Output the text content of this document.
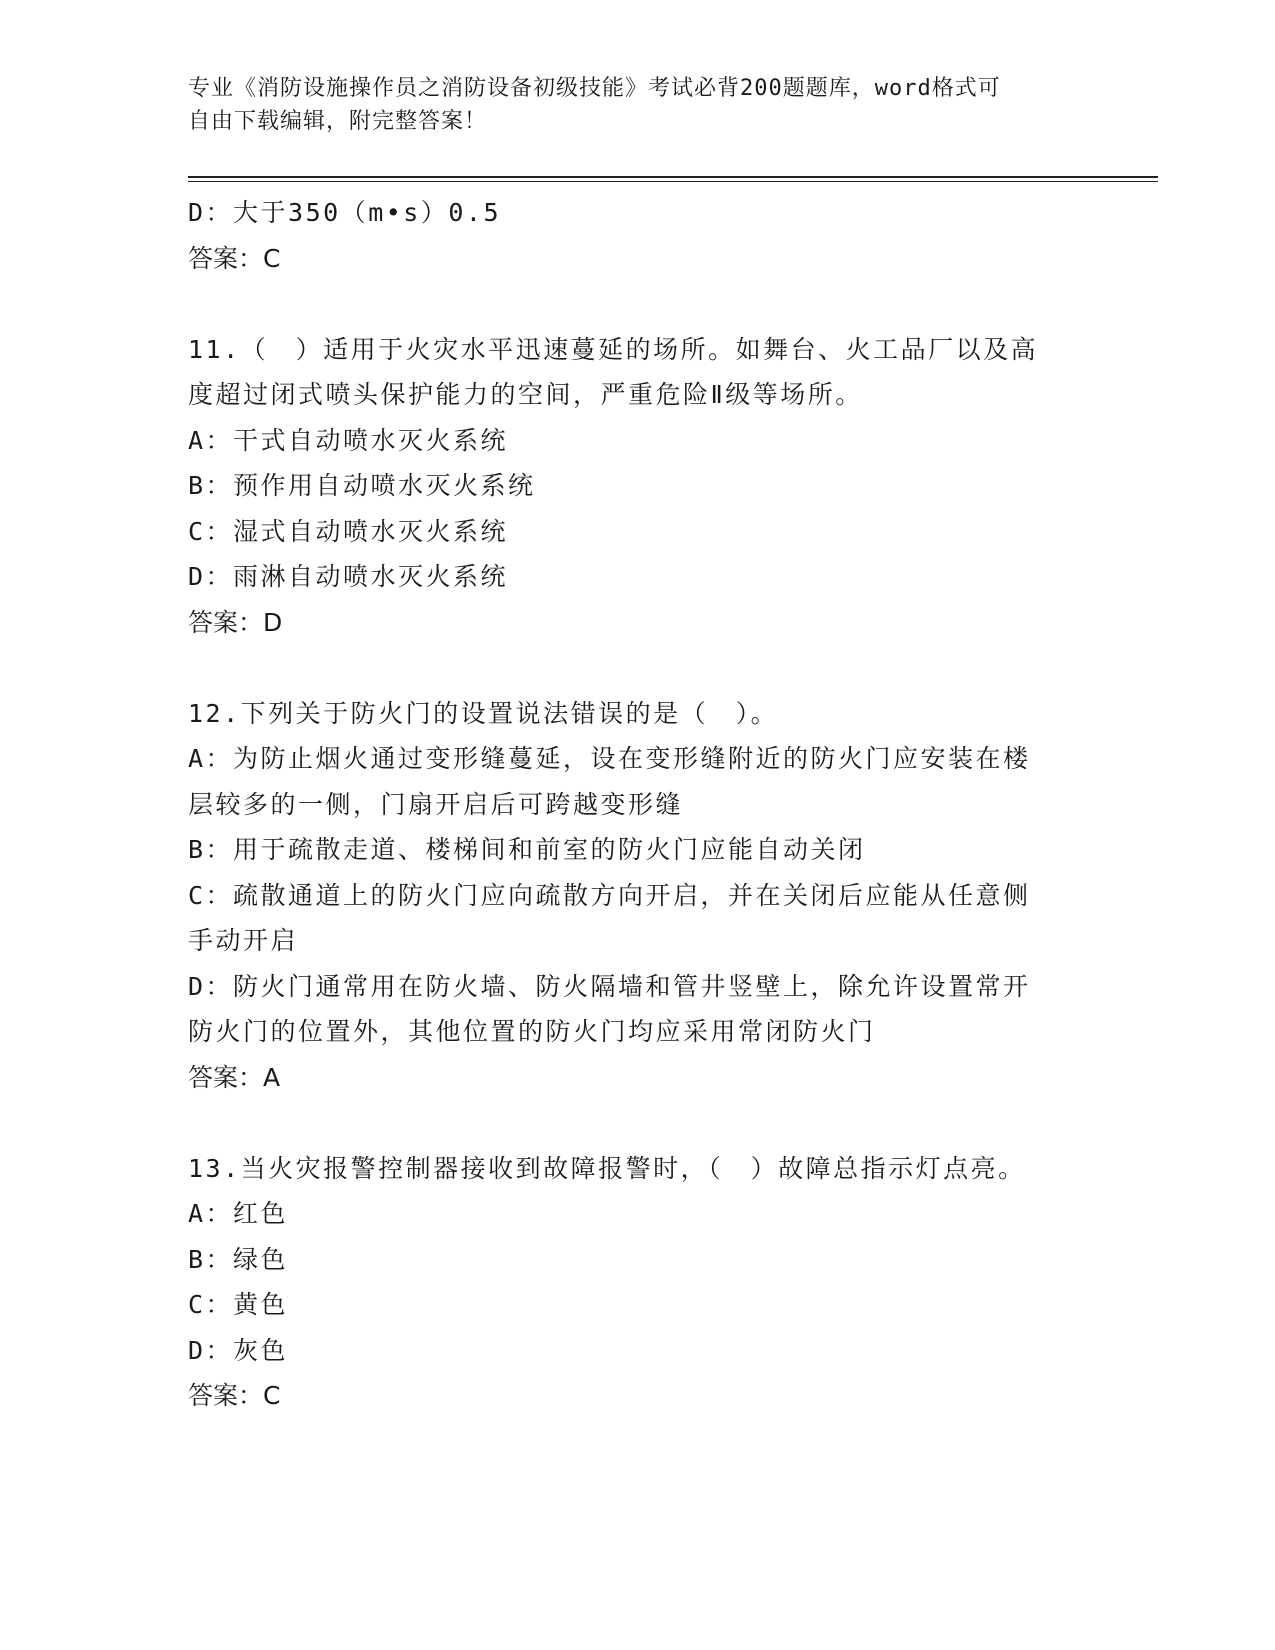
专业《消防设施操作员之消防设备初级技能》考试必背200题题库，word格式可
自由下载编辑，附完整答案！
D：大于350（m•s）0.5
答案：C
11.（　）适用于火灾水平迅速蔓延的场所。如舞台、火工品厂以及高
度超过闭式喷头保护能力的空间，严重危险Ⅱ级等场所。
A：干式自动喷水灭火系统
B：预作用自动喷水灭火系统
C：湿式自动喷水灭火系统
D：雨淋自动喷水灭火系统
答案：D
12.下列关于防火门的设置说法错误的是（　）。
A：为防止烟火通过变形缝蔓延，设在变形缝附近的防火门应安装在楼
层较多的一侧，门扇开启后可跨越变形缝
B：用于疏散走道、楼梯间和前室的防火门应能自动关闭
C：疏散通道上的防火门应向疏散方向开启，并在关闭后应能从任意侧
手动开启
D：防火门通常用在防火墙、防火隔墙和管井竖壁上，除允许设置常开
防火门的位置外，其他位置的防火门均应采用常闭防火门
答案：A
13.当火灾报警控制器接收到故障报警时，（　）故障总指示灯点亮。
A：红色
B：绿色
C：黄色
D：灰色
答案：C
